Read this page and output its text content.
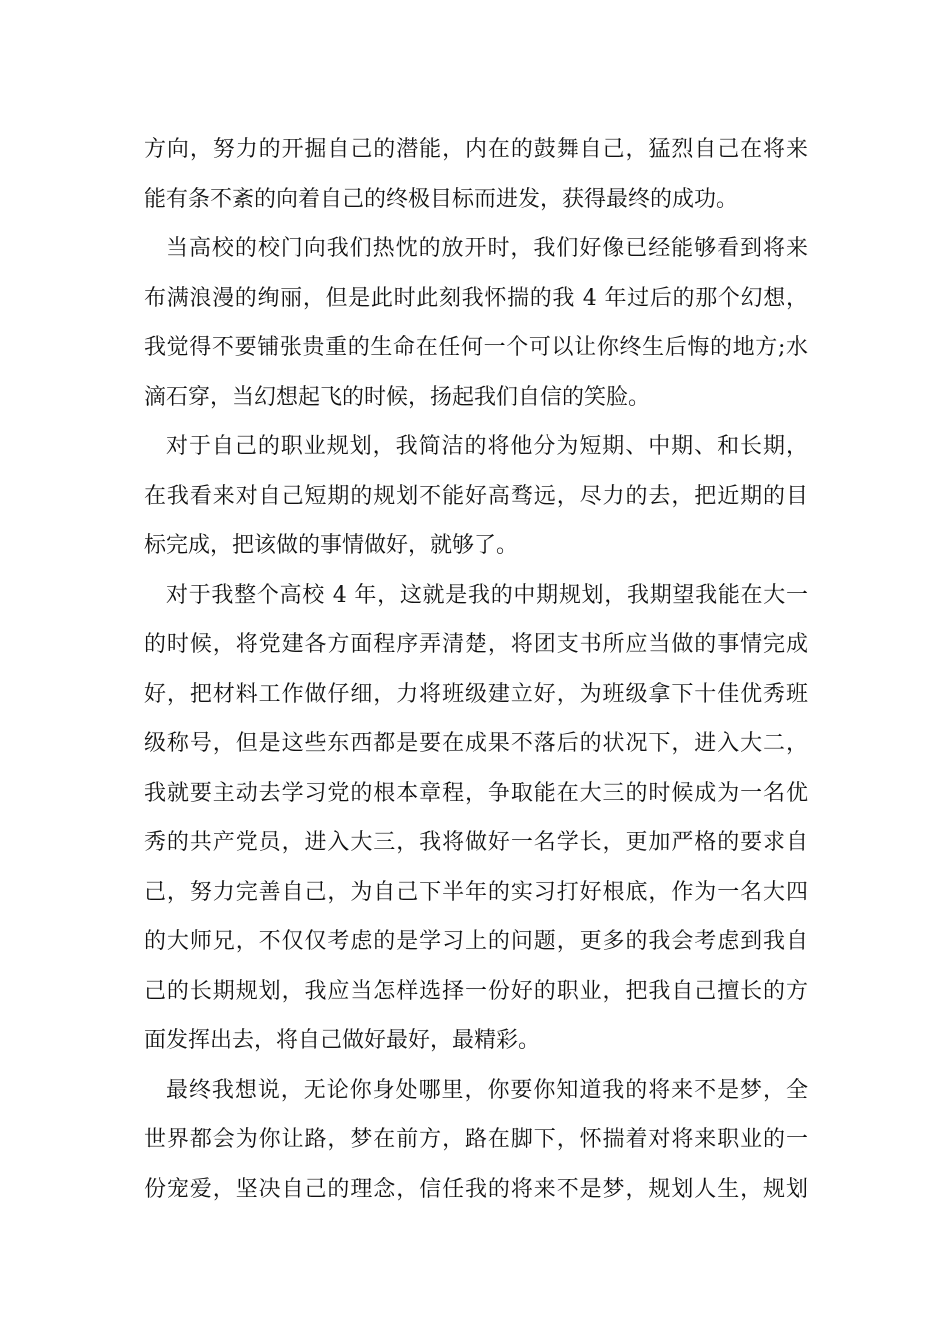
方向，努力的开掘自己的潜能，内在的鼓舞自己，猛烈自己在将来
能有条不紊的向着自己的终极目标而进发，获得最终的成功。
当高校的校门向我们热忱的放开时，我们好像已经能够看到将来
布满浪漫的绚丽，但是此时此刻我怀揣的我 4 年过后的那个幻想，
我觉得不要铺张贵重的生命在任何一个可以让你终生后悔的地方;水
滴石穿，当幻想起飞的时候，扬起我们自信的笑脸。
对于自己的职业规划，我简洁的将他分为短期、中期、和长期，
在我看来对自己短期的规划不能好高骛远，尽力的去，把近期的目
标完成，把该做的事情做好，就够了。
对于我整个高校 4 年，这就是我的中期规划，我期望我能在大一
的时候，将党建各方面程序弄清楚，将团支书所应当做的事情完成
好，把材料工作做仔细，力将班级建立好，为班级拿下十佳优秀班
级称号，但是这些东西都是要在成果不落后的状况下，进入大二，
我就要主动去学习党的根本章程，争取能在大三的时候成为一名优
秀的共产党员，进入大三，我将做好一名学长，更加严格的要求自
己，努力完善自己，为自己下半年的实习打好根底，作为一名大四
的大师兄，不仅仅考虑的是学习上的问题，更多的我会考虑到我自
己的长期规划，我应当怎样选择一份好的职业，把我自己擅长的方
面发挥出去，将自己做好最好，最精彩。
最终我想说，无论你身处哪里，你要你知道我的将来不是梦，全
世界都会为你让路，梦在前方，路在脚下，怀揣着对将来职业的一
份宠爱，坚决自己的理念，信任我的将来不是梦，规划人生，规划
